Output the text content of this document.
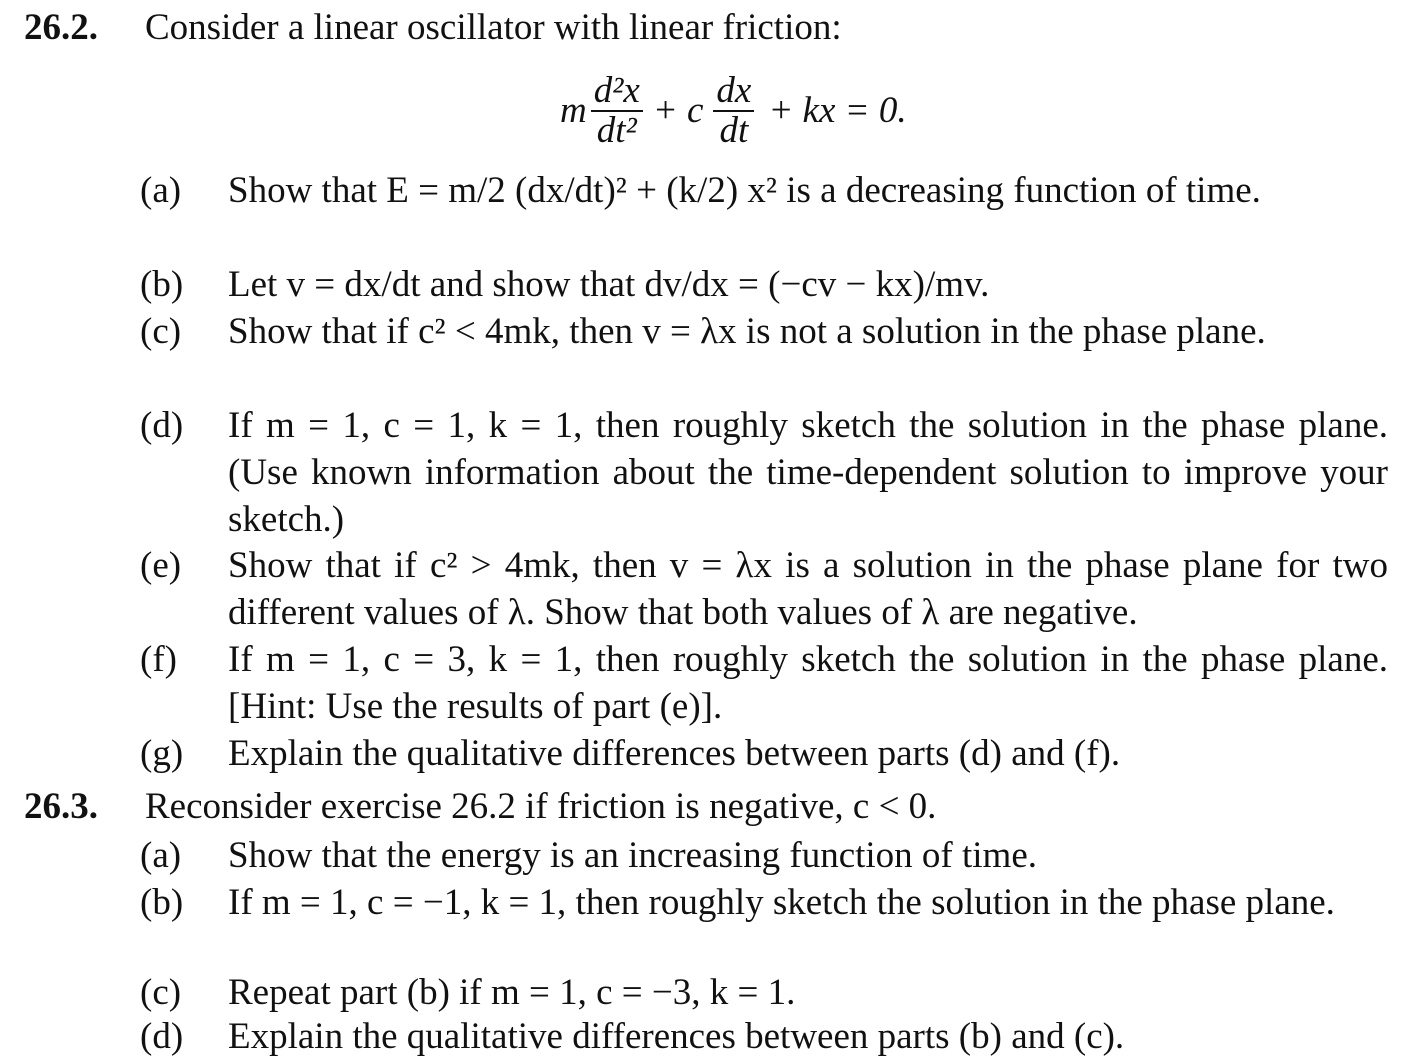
26.2. Consider a linear oscillator with linear friction:
m $\frac{\text{d²x}}{\text{dt²}} + c \frac{dx}{dt}$ + kx = 0.
(a)	Show that E = m/2 (dx/dt)² + (k/2) x² is a decreasing function of time.
(b)	Let v = dx/dt and show that dv/dx = (−cv − kx)/mv.
(c)	Show that if c² < 4mk, then v = λx is not a solution in the phase plane.
(d)	If m = 1, c = 1, k = 1, then roughly sketch the solution in the phase plane. (Use known information about the time-dependent solution to improve your sketch.)
(e)	Show that if c² > 4mk, then v = λx is a solution in the phase plane for two different values of λ. Show that both values of λ are negative.
(f)	If m = 1, c = 3, k = 1, then roughly sketch the solution in the phase plane. [Hint: Use the results of part (e)].
(g)	Explain the qualitative differences between parts (d) and (f).
26.3. Reconsider exercise 26.2 if friction is negative, c < 0.
(a)	Show that the energy is an increasing function of time.
(b)	If m = 1, c = −1, k = 1, then roughly sketch the solution in the phase plane.
(c)	Repeat part (b) if m = 1, c = −3, k = 1.
(d)	Explain the qualitative differences between parts (b) and (c).
